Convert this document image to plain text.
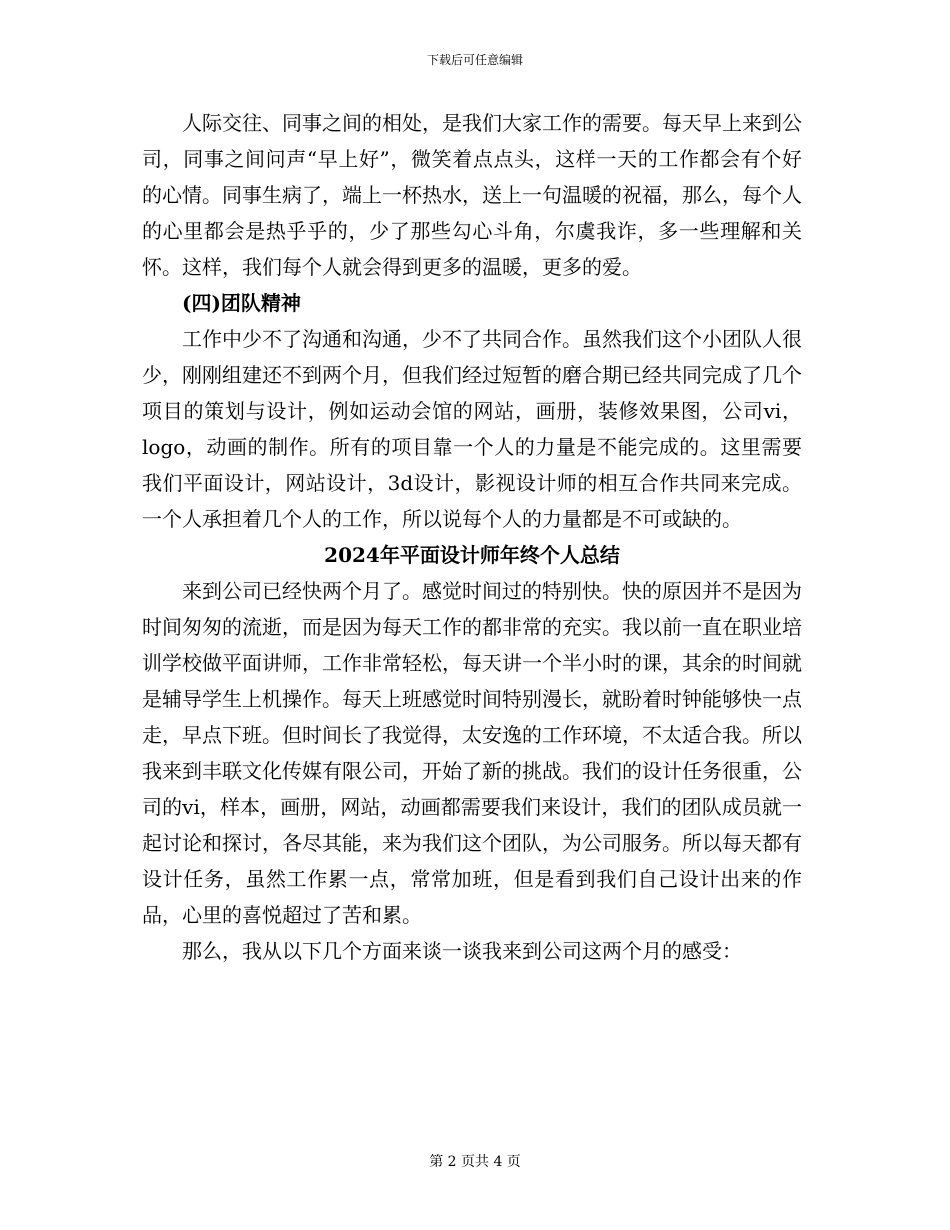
下载后可任意编辑

人际交往、同事之间的相处，是我们大家工作的需要。每天早上来到公司，同事之间问声“早上好”，微笑着点点头，这样一天的工作都会有个好的心情。同事生病了，端上一杯热水，送上一句温暖的祝福，那么，每个人的心里都会是热乎乎的，少了那些勾心斗角，尔虞我诈，多一些理解和关怀。这样，我们每个人就会得到更多的温暖，更多的爱。

(四)团队精神

工作中少不了沟通和沟通，少不了共同合作。虽然我们这个小团队人很少，刚刚组建还不到两个月，但我们经过短暂的磨合期已经共同完成了几个项目的策划与设计，例如运动会馆的网站，画册，装修效果图，公司vi，logo，动画的制作。所有的项目靠一个人的力量是不能完成的。这里需要我们平面设计，网站设计，3d设计，影视设计师的相互合作共同来完成。一个人承担着几个人的工作，所以说每个人的力量都是不可或缺的。

2024年平面设计师年终个人总结

来到公司已经快两个月了。感觉时间过的特别快。快的原因并不是因为时间匆匆的流逝，而是因为每天工作的都非常的充实。我以前一直在职业培训学校做平面讲师，工作非常轻松，每天讲一个半小时的课，其余的时间就是辅导学生上机操作。每天上班感觉时间特别漫长，就盼着时钟能够快一点走，早点下班。但时间长了我觉得，太安逸的工作环境，不太适合我。所以我来到丰联文化传媒有限公司，开始了新的挑战。我们的设计任务很重，公司的vi，样本，画册，网站，动画都需要我们来设计，我们的团队成员就一起讨论和探讨，各尽其能，来为我们这个团队，为公司服务。所以每天都有设计任务，虽然工作累一点，常常加班，但是看到我们自己设计出来的作品，心里的喜悦超过了苦和累。

那么，我从以下几个方面来谈一谈我来到公司这两个月的感受：

第 2 页共 4 页
